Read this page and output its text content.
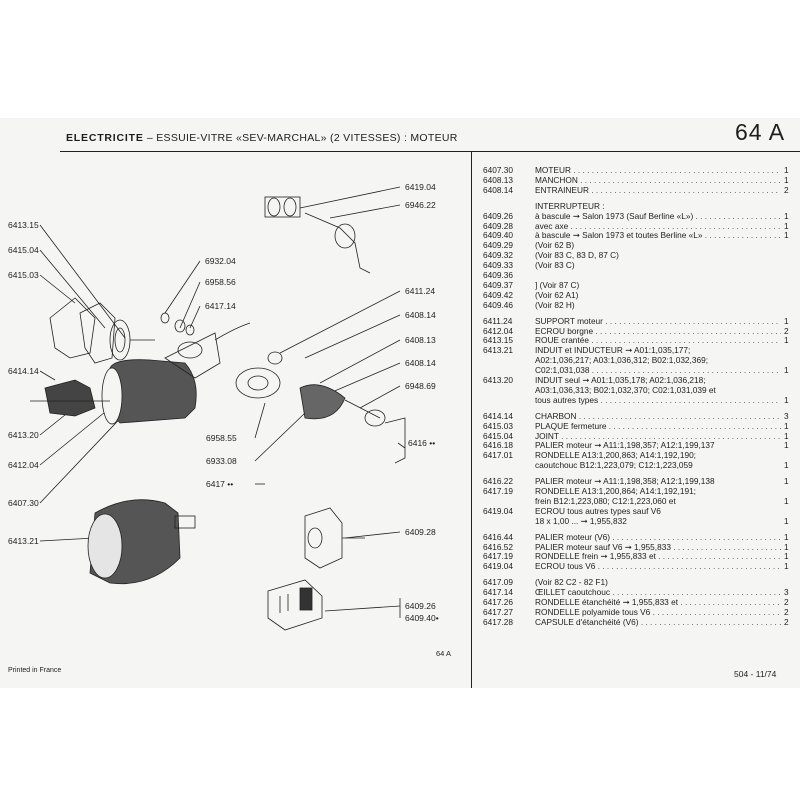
ELECTRICITE – ESSUIE-VITRE «SEV-MARCHAL» (2 VITESSES) : MOTEUR	64 A
6419.04
6946.22
6413.15
6415.04
6415.03
6932.04
6958.56
6417.14
6411.24
6408.14
6408.13
6408.14
6948.69
6414.14
6413.20
6412.04
6958.55
6933.08
6416 ••
6417 ••
6407.30
6413.21
6409.28
6409.26
6409.40•
6407.30	MOTEUR . . .	1
6408.13	MANCHON . . .	1
6408.14	ENTRAINEUR . . .	2
INTERRUPTEUR :
6409.26	à bascule ➞ Salon 1973 (Sauf Berline «L») . . .	1
6409.28	avec axe . . .	1
6409.40	à bascule ➞ Salon 1973 et toutes Berline «L» . . .	1
6409.29	(Voir 62 B)
6409.32	(Voir 83 C, 83 D, 87 C)
6409.33	(Voir 83 C)
6409.36
6409.37	] (Voir 87 C)
6409.42	(Voir 62 A1)
6409.46	(Voir 82 H)
6411.24	SUPPORT moteur . . .	1
6412.04	ECROU borgne . . .	2
6413.15	ROUE crantée . . .	1
6413.21	INDUIT et INDUCTEUR ➞ A01:1,035,177;
A02:1,036,217; A03:1,036,312; B02:1,032,369;
C02:1,031,038 . . .	1
6413.20	INDUIT seul ➞ A01:1,035,178; A02:1,036,218;
A03:1,036,313; B02:1,032,370; C02:1,031,039 et
tous autres types . . .	1
6414.14	CHARBON . . .	3
6415.03	PLAQUE fermeture . . .	1
6415.04	JOINT . . .	1
6416.18	PALIER moteur ➞ A11:1,198,357; A12:1,199,137	1
6417.01	RONDELLE A13:1,200,863; A14:1,192,190;
caoutchouc B12:1,223,079; C12:1,223,059	1
6416.22	PALIER moteur ➞ A11:1,198,358; A12:1,199,138	1
6417.19	RONDELLE A13:1,200,864; A14:1,192,191;
frein B12:1,223,080; C12:1,223,060 et	1
6419.04	ECROU tous autres types sauf V6
18 x 1,00 ... ➞ 1,955,832	1
6416.44	PALIER moteur (V6) . . .	1
6416.52	PALIER moteur sauf V6 ➞ 1,955,833 . . .	1
6417.19	RONDELLE frein ➞ 1,955,833 et . . .	1
6419.04	ECROU tous V6 . . .	1
6417.09	(Voir 82 C2 - 82 F1)
6417.14	ŒILLET caoutchouc . . .	3
6417.26	RONDELLE étanchéité ➞ 1,955,833 et . . .	2
6417.27	RONDELLE polyamide tous V6 . . .	2
6417.28	CAPSULE d'étanchéité (V6) . . .	2
Printed in France
64 A
504 - 11/74
